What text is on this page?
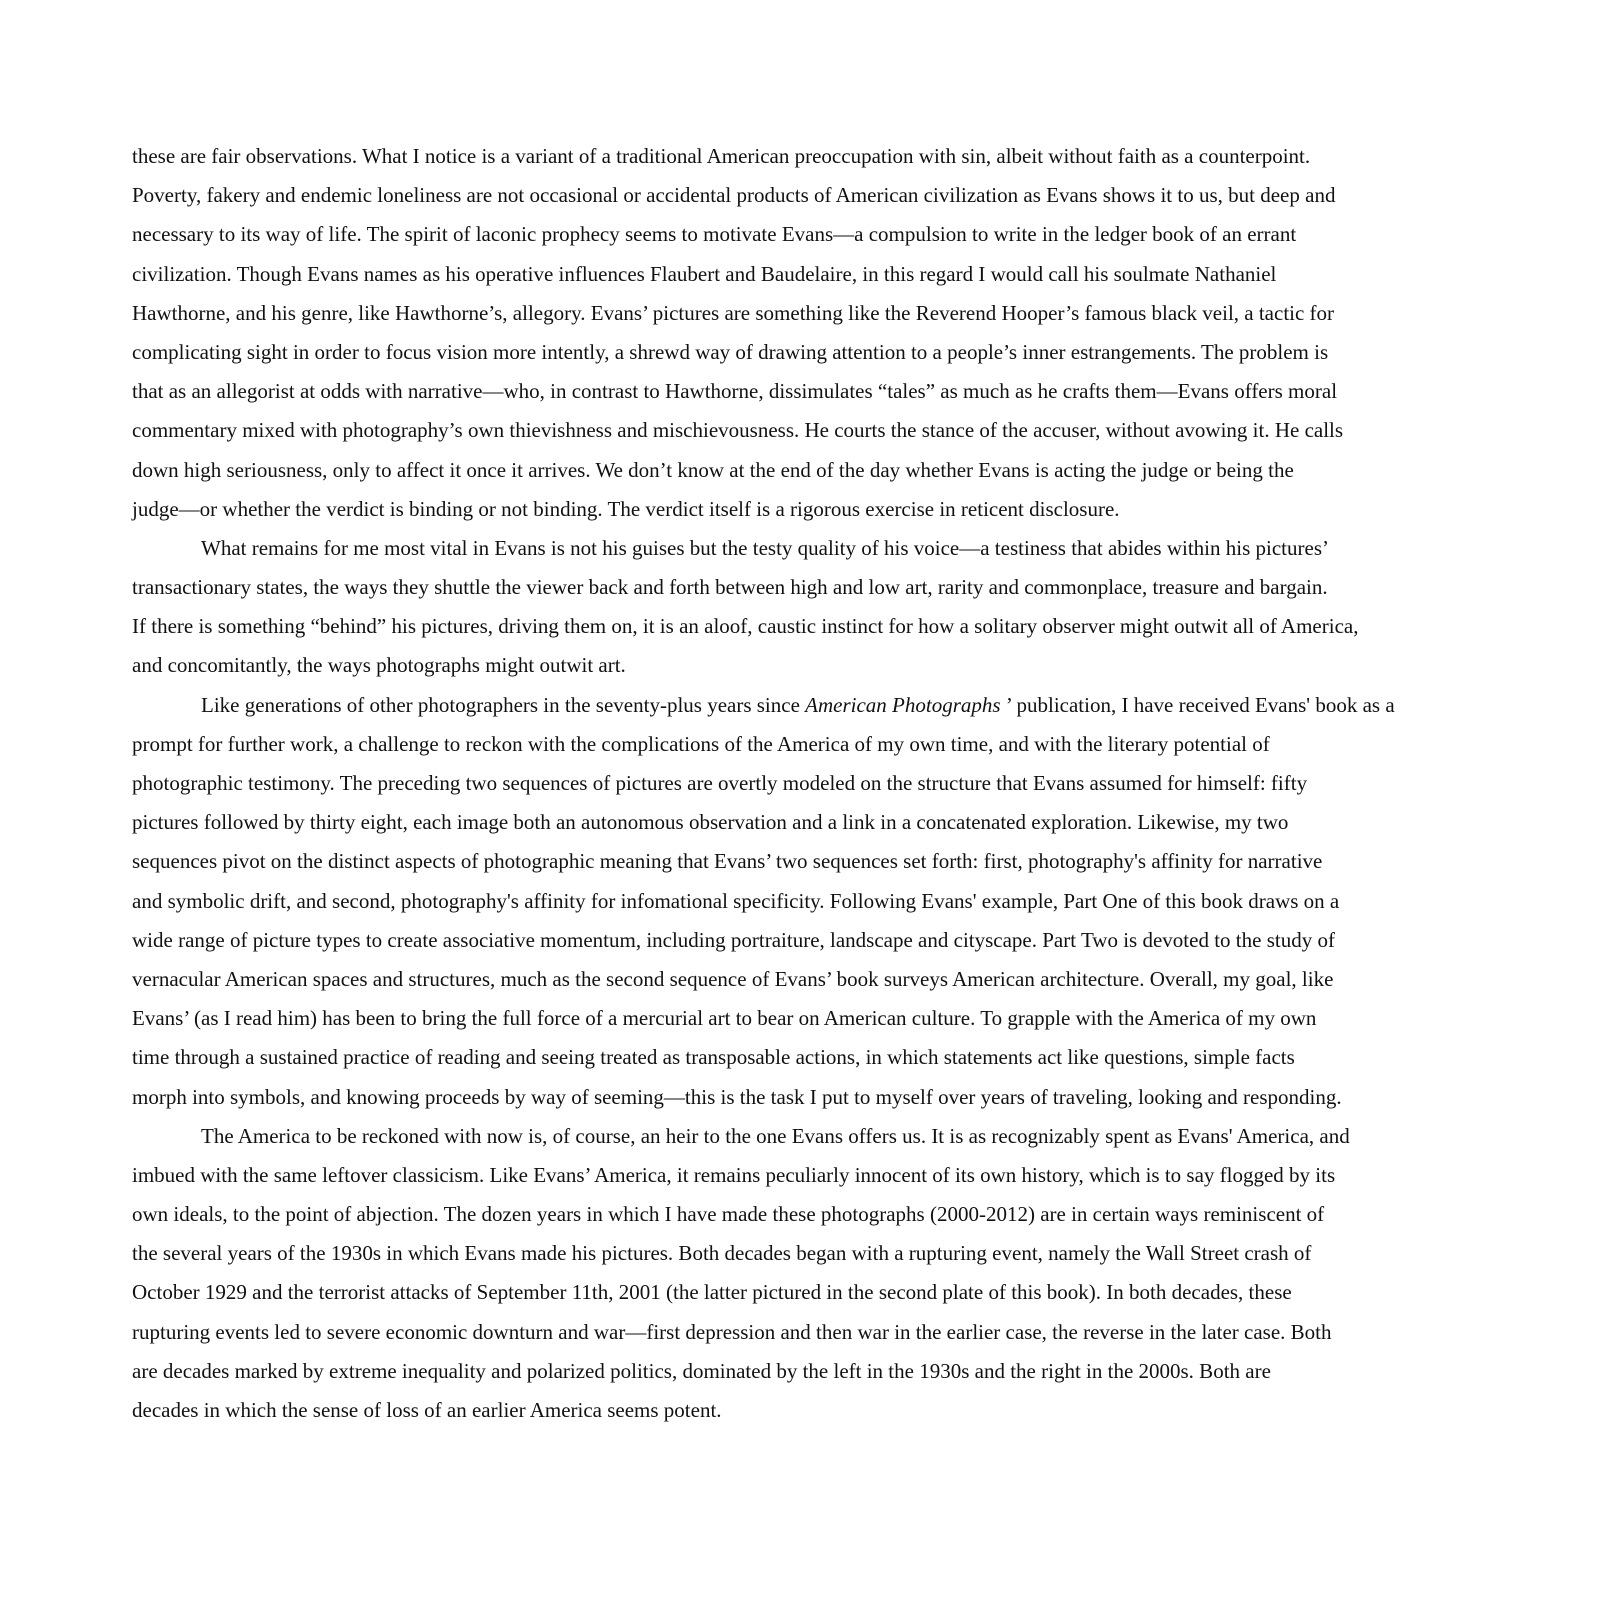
these are fair observations. What I notice is a variant of a traditional American preoccupation with sin, albeit without faith as a counterpoint.
Poverty, fakery and endemic loneliness are not occasional or accidental products of American civilization as Evans shows it to us, but deep and
necessary to its way of life. The spirit of laconic prophecy seems to motivate Evans—a compulsion to write in the ledger book of an errant
civilization. Though Evans names as his operative influences Flaubert and Baudelaire, in this regard I would call his soulmate Nathaniel
Hawthorne, and his genre, like Hawthorne’s, allegory. Evans’ pictures are something like the Reverend Hooper’s famous black veil, a tactic for
complicating sight in order to focus vision more intently, a shrewd way of drawing attention to a people’s inner estrangements. The problem is
that as an allegorist at odds with narrative—who, in contrast to Hawthorne, dissimulates “tales” as much as he crafts them—Evans offers moral
commentary mixed with photography’s own thievishness and mischievousness. He courts the stance of the accuser, without avowing it. He calls
down high seriousness, only to affect it once it arrives. We don’t know at the end of the day whether Evans is acting the judge or being the
judge—or whether the verdict is binding or not binding. The verdict itself is a rigorous exercise in reticent disclosure.

What remains for me most vital in Evans is not his guises but the testy quality of his voice—a testiness that abides within his pictures’
transactionary states, the ways they shuttle the viewer back and forth between high and low art, rarity and commonplace, treasure and bargain.
If there is something “behind” his pictures, driving them on, it is an aloof, caustic instinct for how a solitary observer might outwit all of America,
and concomitantly, the ways photographs might outwit art.

Like generations of other photographers in the seventy-plus years since American Photographs ’ publication, I have received Evans' book as a
prompt for further work, a challenge to reckon with the complications of the America of my own time, and with the literary potential of
photographic testimony. The preceding two sequences of pictures are overtly modeled on the structure that Evans assumed for himself: fifty
pictures followed by thirty eight, each image both an autonomous observation and a link in a concatenated exploration. Likewise, my two
sequences pivot on the distinct aspects of photographic meaning that Evans’ two sequences set forth: first, photography's affinity for narrative
and symbolic drift, and second, photography's affinity for infomational specificity. Following Evans' example, Part One of this book draws on a
wide range of picture types to create associative momentum, including portraiture, landscape and cityscape. Part Two is devoted to the study of
vernacular American spaces and structures, much as the second sequence of Evans’ book surveys American architecture. Overall, my goal, like
Evans’ (as I read him) has been to bring the full force of a mercurial art to bear on American culture. To grapple with the America of my own
time through a sustained practice of reading and seeing treated as transposable actions, in which statements act like questions, simple facts
morph into symbols, and knowing proceeds by way of seeming—this is the task I put to myself over years of traveling, looking and responding.

The America to be reckoned with now is, of course, an heir to the one Evans offers us. It is as recognizably spent as Evans' America, and
imbued with the same leftover classicism. Like Evans’ America, it remains peculiarly innocent of its own history, which is to say flogged by its
own ideals, to the point of abjection. The dozen years in which I have made these photographs (2000-2012) are in certain ways reminiscent of
the several years of the 1930s in which Evans made his pictures. Both decades began with a rupturing event, namely the Wall Street crash of
October 1929 and the terrorist attacks of September 11th, 2001 (the latter pictured in the second plate of this book). In both decades, these
rupturing events led to severe economic downturn and war—first depression and then war in the earlier case, the reverse in the later case. Both
are decades marked by extreme inequality and polarized politics, dominated by the left in the 1930s and the right in the 2000s. Both are
decades in which the sense of loss of an earlier America seems potent.
